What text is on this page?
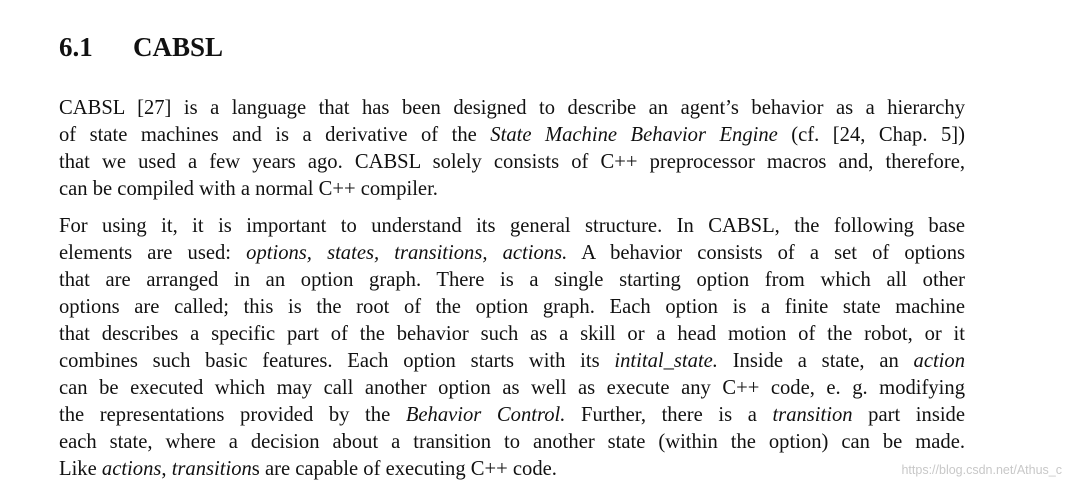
6.1 CABSL
CABSL [27] is a language that has been designed to describe an agent’s behavior as a hierarchy
of state machines and is a derivative of the State Machine Behavior Engine (cf. [24, Chap. 5])
that we used a few years ago. CABSL solely consists of C++ preprocessor macros and, therefore,
can be compiled with a normal C++ compiler.
For using it, it is important to understand its general structure. In CABSL, the following base
elements are used: options, states, transitions, actions. A behavior consists of a set of options
that are arranged in an option graph. There is a single starting option from which all other
options are called; this is the root of the option graph. Each option is a finite state machine
that describes a specific part of the behavior such as a skill or a head motion of the robot, or it
combines such basic features. Each option starts with its intital_state. Inside a state, an action
can be executed which may call another option as well as execute any C++ code, e. g. modifying
the representations provided by the Behavior Control. Further, there is a transition part inside
each state, where a decision about a transition to another state (within the option) can be made.
Like actions, transitions are capable of executing C++ code.	https://blog.csdn.net/Athus_c
